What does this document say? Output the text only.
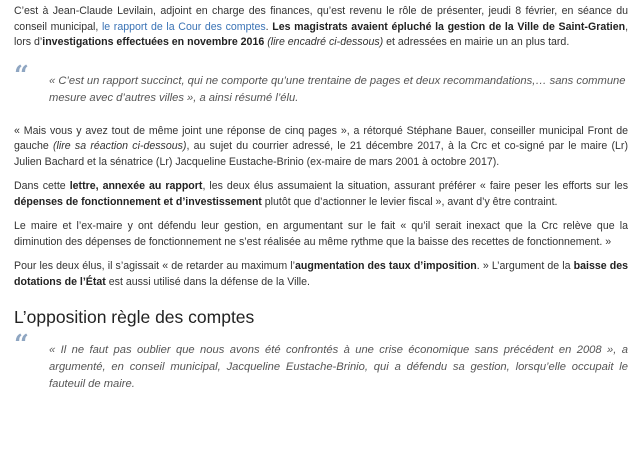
C’est à Jean-Claude Levilain, adjoint en charge des finances, qu’est revenu le rôle de présenter, jeudi 8 février, en séance du conseil municipal, le rapport de la Cour des comptes. Les magistrats avaient épluché la gestion de la Ville de Saint-Gratien, lors d’investigations effectuées en novembre 2016 (lire encadré ci-dessous) et adressées en mairie un an plus tard.

“ « C’est un rapport succinct, qui ne comporte qu’une trentaine de pages et deux recommandations,… sans commune mesure avec d’autres villes », a ainsi résumé l’élu.

« Mais vous y avez tout de même joint une réponse de cinq pages », a rétorqué Stéphane Bauer, conseiller municipal Front de gauche (lire sa réaction ci-dessous), au sujet du courrier adressé, le 21 décembre 2017, à la Crc et co-signé par le maire (Lr) Julien Bachard et la sénatrice (Lr) Jacqueline Eustache-Brinio (ex-maire de mars 2001 à octobre 2017).

Dans cette lettre, annexée au rapport, les deux élus assumaient la situation, assurant préférer « faire peser les efforts sur les dépenses de fonctionnement et d’investissement plutôt que d’actionner le levier fiscal », avant d’y être contraint.

Le maire et l’ex-maire y ont défendu leur gestion, en argumentant sur le fait « qu’il serait inexact que la Crc relève que la diminution des dépenses de fonctionnement ne s’est réalisée au même rythme que la baisse des recettes de fonctionnement. »

Pour les deux élus, il s’agissait « de retarder au maximum l’augmentation des taux d’imposition. » L’argument de la baisse des dotations de l’État est aussi utilisé dans la défense de la Ville.

L’opposition règle des comptes
“ « Il ne faut pas oublier que nous avons été confrontés à une crise économique sans précédent en 2008 », a argumenté, en conseil municipal, Jacqueline Eustache-Brinio, qui a défendu sa gestion, lorsqu’elle occupait le fauteuil de maire.
